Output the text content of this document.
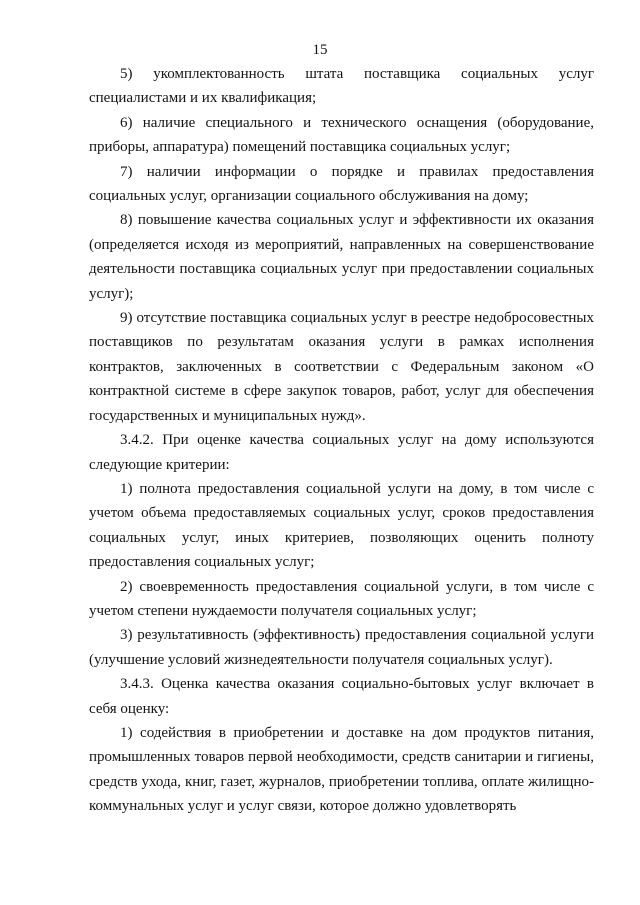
15

5) укомплектованность штата поставщика социальных услуг специалистами и их квалификация;

6) наличие специального и технического оснащения (оборудование, приборы, аппаратура) помещений поставщика социальных услуг;

7) наличии информации о порядке и правилах предоставления социальных услуг, организации социального обслуживания на дому;

8) повышение качества социальных услуг и эффективности их оказания (определяется исходя из мероприятий, направленных на совершенствование деятельности поставщика социальных услуг при предоставлении социальных услуг);

9) отсутствие поставщика социальных услуг в реестре недобросовестных поставщиков по результатам оказания услуги в рамках исполнения контрактов, заключенных в соответствии с Федеральным законом «О контрактной системе в сфере закупок товаров, работ, услуг для обеспечения государственных и муниципальных нужд».

3.4.2. При оценке качества социальных услуг на дому используются следующие критерии:

1) полнота предоставления социальной услуги на дому, в том числе с учетом объема предоставляемых социальных услуг, сроков предоставления социальных услуг, иных критериев, позволяющих оценить полноту предоставления социальных услуг;

2) своевременность предоставления социальной услуги, в том числе с учетом степени нуждаемости получателя социальных услуг;

3) результативность (эффективность) предоставления социальной услуги (улучшение условий жизнедеятельности получателя социальных услуг).

3.4.3. Оценка качества оказания социально-бытовых услуг включает в себя оценку:

1) содействия в приобретении и доставке на дом продуктов питания, промышленных товаров первой необходимости, средств санитарии и гигиены, средств ухода, книг, газет, журналов, приобретении топлива, оплате жилищно-коммунальных услуг и услуг связи, которое должно удовлетворять
